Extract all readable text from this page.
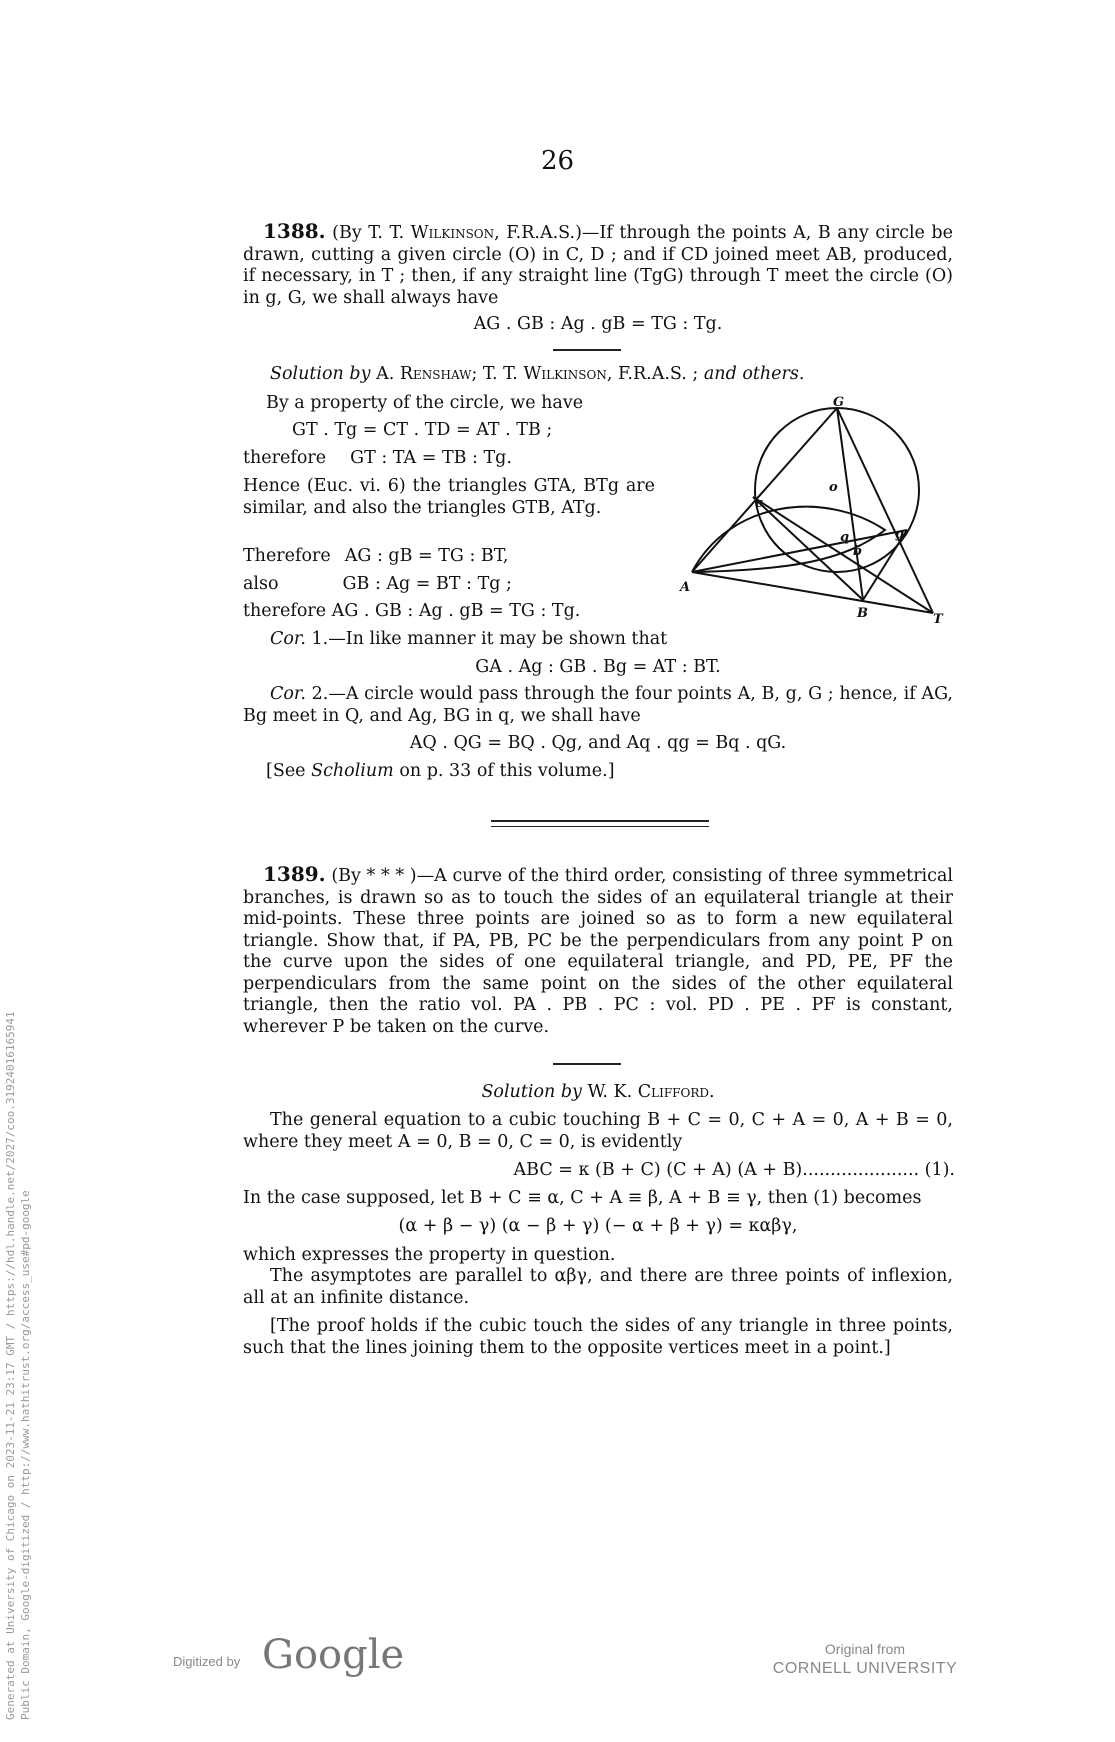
26
1388. (By T. T. Wilkinson, F.R.A.S.)—If through the points A, B any circle be drawn, cutting a given circle (O) in C, D ; and if CD joined meet AB, produced, if necessary, in T ; then, if any straight line (TgG) through T meet the circle (O) in g, G, we shall always have
AG . GB : Ag . gB = TG : Tg.
Solution by A. Renshaw; T. T. Wilkinson, F.R.A.S. ; and others.
By a property of the circle, we have
GT . Tg = CT . TD = AT . TB ;
therefore GT : TA = TB : Tg.
Hence (Euc. vi. 6) the triangles GTA, BTg are similar, and also the triangles GTB, ATg.
Therefore AG : gB = TG : BT,
also	GB : Ag = BT : Tg ;
therefore AG . GB : Ag . gB = TG : Tg.
G
c
o
q
b
g
A
B	T
Cor. 1.—In like manner it may be shown that
GA . Ag : GB . Bg = AT : BT.
Cor. 2.—A circle would pass through the four points A, B, g, G ; hence, if AG, Bg meet in Q, and Ag, BG in q, we shall have
AQ . QG = BQ . Qg, and Aq . qg = Bq . qG.
[See Scholium on p. 33 of this volume.]
1389. (By * * * )—A curve of the third order, consisting of three symmetrical branches, is drawn so as to touch the sides of an equilateral triangle at their mid-points. These three points are joined so as to form a new equilateral triangle. Show that, if PA, PB, PC be the perpendiculars from any point P on the curve upon the sides of one equilateral triangle, and PD, PE, PF the perpendiculars from the same point on the sides of the other equilateral triangle, then the ratio vol. PA . PB . PC : vol. PD . PE . PF is constant, wherever P be taken on the curve.
Solution by W. K. Clifford.
The general equation to a cubic touching B + C = 0, C + A = 0, A + B = 0, where they meet A = 0, B = 0, C = 0, is evidently
ABC = κ (B + C) (C + A) (A + B)..................... (1).
In the case supposed, let B + C ≡ α, C + A ≡ β, A + B ≡ γ, then (1) becomes
(α + β − γ) (α − β + γ) (− α + β + γ) = καβγ,
which expresses the property in question.
The asymptotes are parallel to αβγ, and there are three points of inflexion, all at an infinite distance.
[The proof holds if the cubic touch the sides of any triangle in three points, such that the lines joining them to the opposite vertices meet in a point.]
Generated at University of Chicago on 2023-11-21 23:17 GMT / https://hdl.handle.net/2027/coo.31924016165941 Public Domain, Google-digitized / http://www.hathitrust.org/access_use#pd-google	Digitized by Google	Original from
CORNELL UNIVERSITY
